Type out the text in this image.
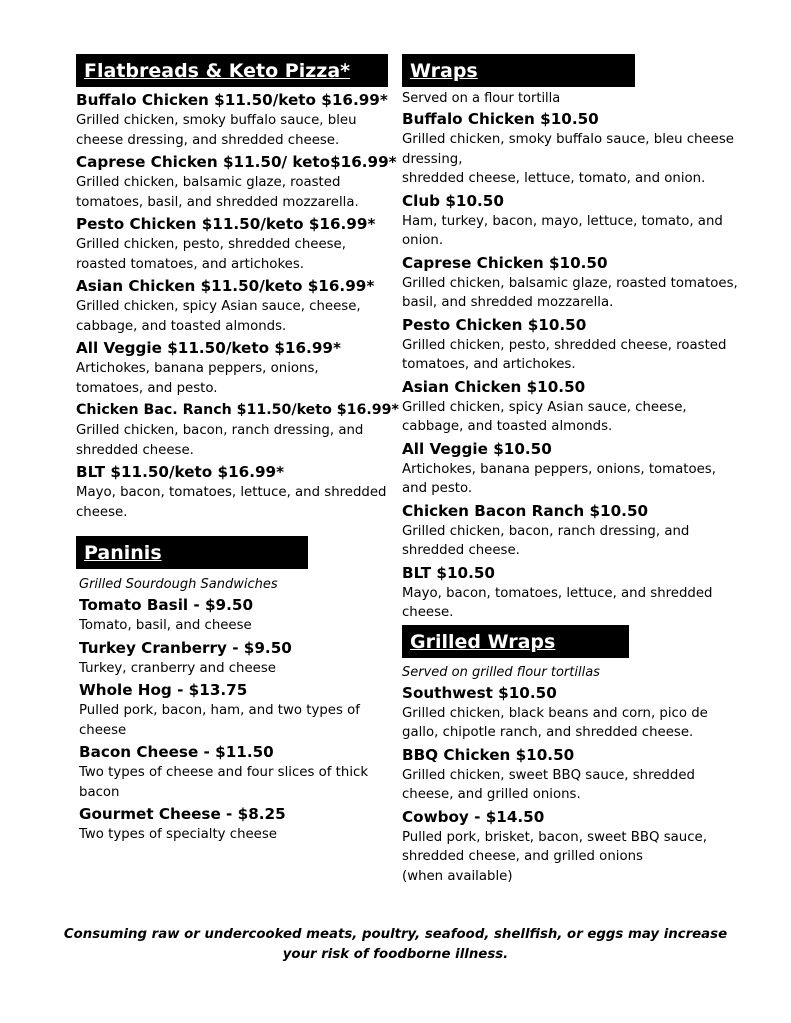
Flatbreads & Keto Pizza*
Buffalo Chicken $11.50/keto $16.99*
Grilled chicken, smoky buffalo sauce, bleu cheese dressing, and shredded cheese.
Caprese Chicken $11.50/ keto$16.99*
Grilled chicken, balsamic glaze, roasted tomatoes, basil, and shredded mozzarella.
Pesto Chicken $11.50/keto $16.99*
Grilled chicken, pesto, shredded cheese, roasted tomatoes, and artichokes.
Asian Chicken $11.50/keto $16.99*
Grilled chicken, spicy Asian sauce, cheese, cabbage, and toasted almonds.
All Veggie $11.50/keto $16.99*
Artichokes, banana peppers, onions, tomatoes, and pesto.
Chicken Bac. Ranch $11.50/keto $16.99*
Grilled chicken, bacon, ranch dressing, and shredded cheese.
BLT $11.50/keto $16.99*
Mayo, bacon, tomatoes, lettuce, and shredded cheese.
Paninis
Grilled Sourdough Sandwiches
Tomato Basil - $9.50
Tomato, basil, and cheese
Turkey Cranberry - $9.50
Turkey, cranberry and cheese
Whole Hog - $13.75
Pulled pork, bacon, ham, and two types of cheese
Bacon Cheese - $11.50
Two types of cheese and four slices of thick bacon
Gourmet Cheese - $8.25
Two types of specialty cheese
Wraps
Served on a flour tortilla
Buffalo Chicken $10.50
Grilled chicken, smoky buffalo sauce, bleu cheese dressing,
shredded cheese, lettuce, tomato, and onion.
Club $10.50
Ham, turkey, bacon, mayo, lettuce, tomato, and onion.
Caprese Chicken $10.50
Grilled chicken, balsamic glaze, roasted tomatoes, basil, and shredded mozzarella.
Pesto Chicken $10.50
Grilled chicken, pesto, shredded cheese, roasted tomatoes, and artichokes.
Asian Chicken $10.50
Grilled chicken, spicy Asian sauce, cheese, cabbage, and toasted almonds.
All Veggie $10.50
Artichokes, banana peppers, onions, tomatoes, and pesto.
Chicken Bacon Ranch $10.50
Grilled chicken, bacon, ranch dressing, and shredded cheese.
BLT $10.50
Mayo, bacon, tomatoes, lettuce, and shredded cheese.
Grilled Wraps
Served on grilled flour tortillas
Southwest $10.50
Grilled chicken, black beans and corn, pico de gallo, chipotle ranch, and shredded cheese.
BBQ Chicken $10.50
Grilled chicken, sweet BBQ sauce, shredded cheese, and grilled onions.
Cowboy - $14.50
Pulled pork, brisket, bacon, sweet BBQ sauce, shredded cheese, and grilled onions
(when available)
Consuming raw or undercooked meats, poultry, seafood, shellfish, or eggs may increase
your risk of foodborne illness.
